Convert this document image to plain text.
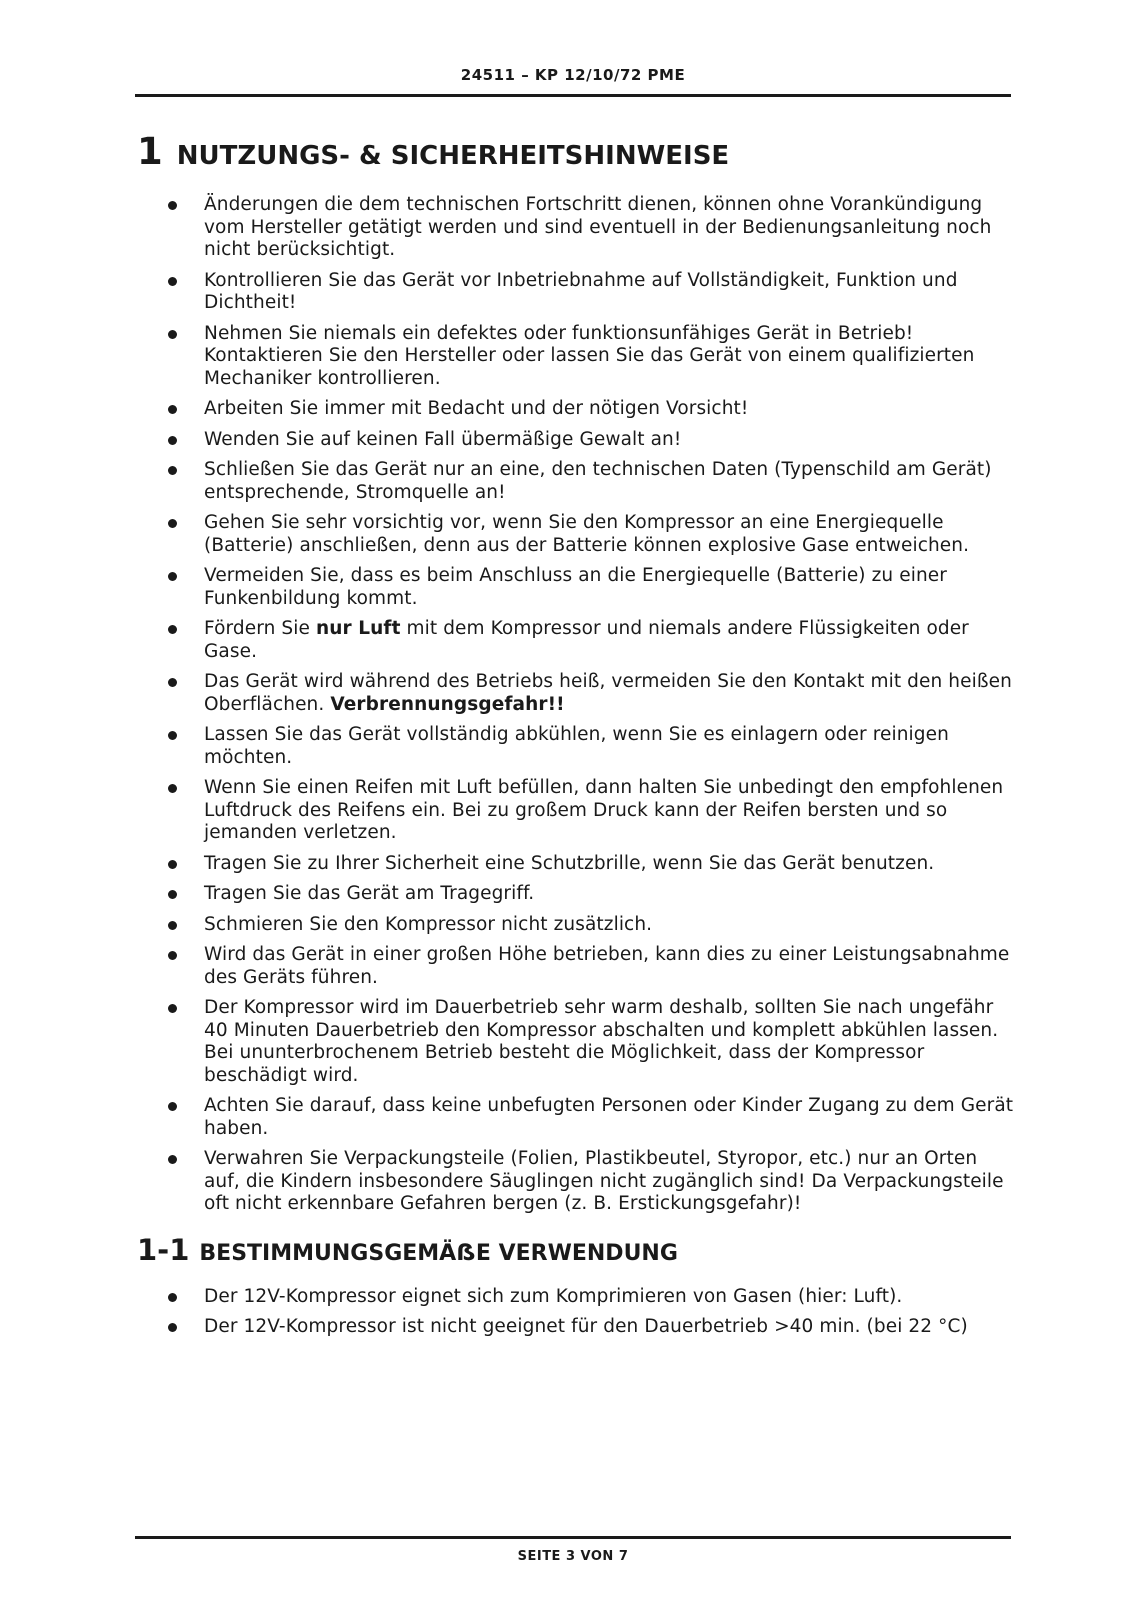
24511 – KP 12/10/72 PME
1 NUTZUNGS- & SICHERHEITSHINWEISE
Änderungen die dem technischen Fortschritt dienen, können ohne Vorankündigung vom Hersteller getätigt werden und sind eventuell in der Bedienungsanleitung noch nicht berücksichtigt.
Kontrollieren Sie das Gerät vor Inbetriebnahme auf Vollständigkeit, Funktion und Dichtheit!
Nehmen Sie niemals ein defektes oder funktionsunfähiges Gerät in Betrieb! Kontaktieren Sie den Hersteller oder lassen Sie das Gerät von einem qualifizierten Mechaniker kontrollieren.
Arbeiten Sie immer mit Bedacht und der nötigen Vorsicht!
Wenden Sie auf keinen Fall übermäßige Gewalt an!
Schließen Sie das Gerät nur an eine, den technischen Daten (Typenschild am Gerät) entsprechende, Stromquelle an!
Gehen Sie sehr vorsichtig vor, wenn Sie den Kompressor an eine Energiequelle (Batterie) anschließen, denn aus der Batterie können explosive Gase entweichen.
Vermeiden Sie, dass es beim Anschluss an die Energiequelle (Batterie) zu einer Funkenbildung kommt.
Fördern Sie nur Luft mit dem Kompressor und niemals andere Flüssigkeiten oder Gase.
Das Gerät wird während des Betriebs heiß, vermeiden Sie den Kontakt mit den heißen Oberflächen. Verbrennungsgefahr!!
Lassen Sie das Gerät vollständig abkühlen, wenn Sie es einlagern oder reinigen möchten.
Wenn Sie einen Reifen mit Luft befüllen, dann halten Sie unbedingt den empfohlenen Luftdruck des Reifens ein. Bei zu großem Druck kann der Reifen bersten und so jemanden verletzen.
Tragen Sie zu Ihrer Sicherheit eine Schutzbrille, wenn Sie das Gerät benutzen.
Tragen Sie das Gerät am Tragegriff.
Schmieren Sie den Kompressor nicht zusätzlich.
Wird das Gerät in einer großen Höhe betrieben, kann dies zu einer Leistungsabnahme des Geräts führen.
Der Kompressor wird im Dauerbetrieb sehr warm deshalb, sollten Sie nach ungefähr 40 Minuten Dauerbetrieb den Kompressor abschalten und komplett abkühlen lassen. Bei ununterbrochenem Betrieb besteht die Möglichkeit, dass der Kompressor beschädigt wird.
Achten Sie darauf, dass keine unbefugten Personen oder Kinder Zugang zu dem Gerät haben.
Verwahren Sie Verpackungsteile (Folien, Plastikbeutel, Styropor, etc.) nur an Orten auf, die Kindern insbesondere Säuglingen nicht zugänglich sind! Da Verpackungsteile oft nicht erkennbare Gefahren bergen (z. B. Erstickungsgefahr)!
1-1 BESTIMMUNGSGEMÄẞE VERWENDUNG
Der 12V-Kompressor eignet sich zum Komprimieren von Gasen (hier: Luft).
Der 12V-Kompressor ist nicht geeignet für den Dauerbetrieb >40 min. (bei 22 °C)
SEITE 3 VON 7
